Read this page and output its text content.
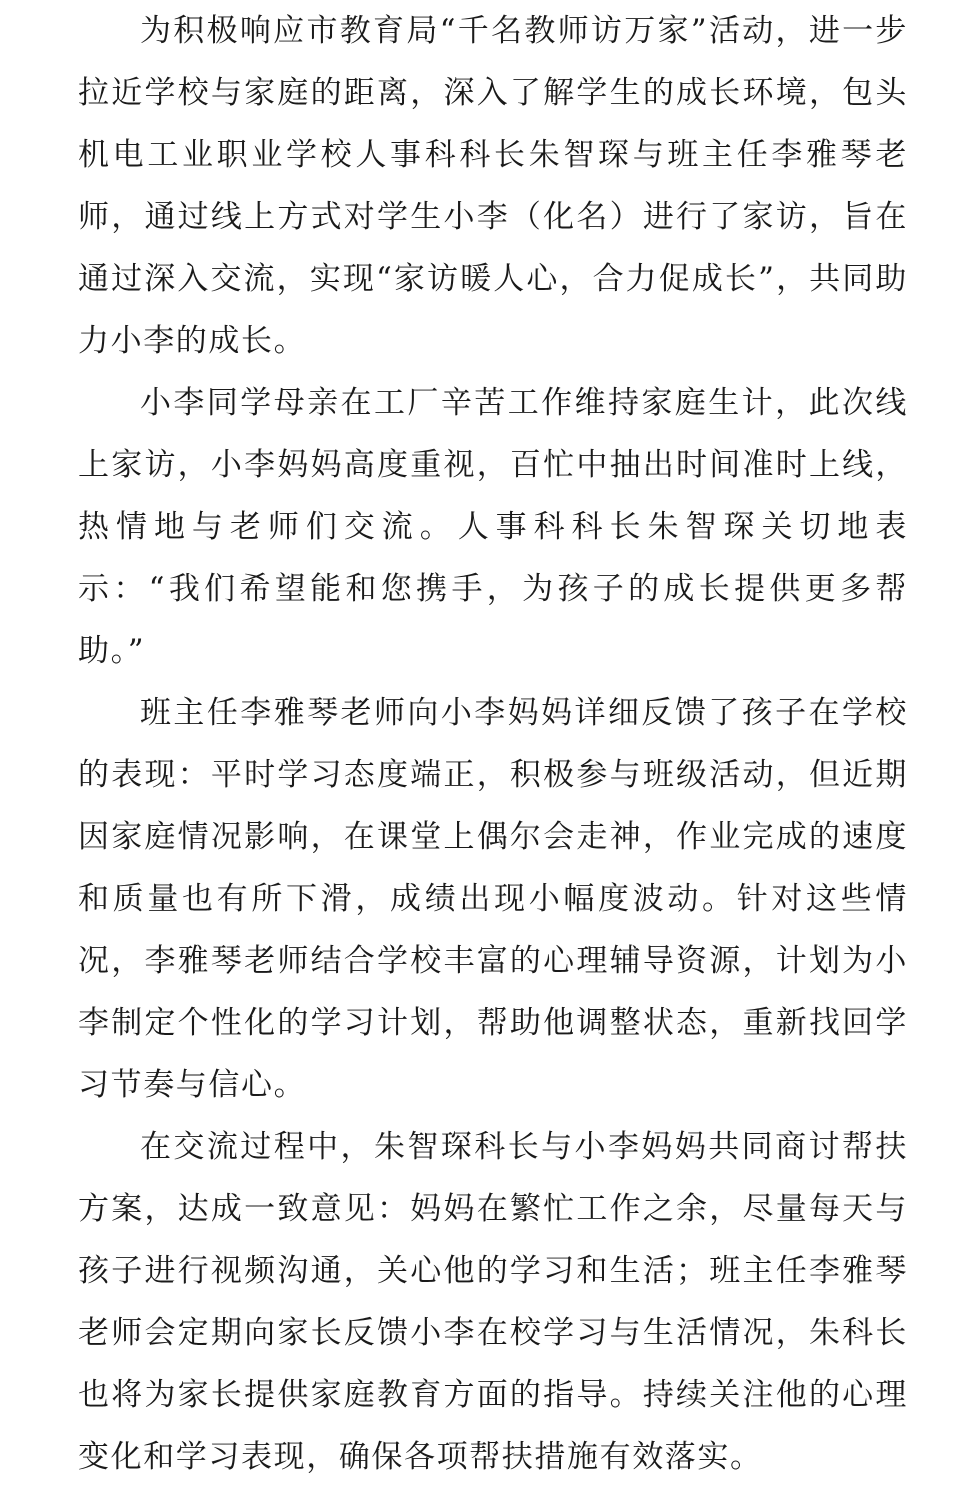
为积极响应市教育局“千名教师访万家”活动，进一步拉近学校与家庭的距离，深入了解学生的成长环境，包头机电工业职业学校人事科科长朱智琛与班主任李雅琴老师，通过线上方式对学生小李（化名）进行了家访，旨在通过深入交流，实现“家访暖人心，合力促成长”，共同助力小李的成长。

小李同学母亲在工厂辛苦工作维持家庭生计，此次线上家访，小李妈妈高度重视，百忙中抽出时间准时上线，热情地与老师们交流。人事科科长朱智琛关切地表示：“我们希望能和您携手，为孩子的成长提供更多帮助。”

班主任李雅琴老师向小李妈妈详细反馈了孩子在学校的表现：平时学习态度端正，积极参与班级活动，但近期因家庭情况影响，在课堂上偶尔会走神，作业完成的速度和质量也有所下滑，成绩出现小幅度波动。针对这些情况，李雅琴老师结合学校丰富的心理辅导资源，计划为小李制定个性化的学习计划，帮助他调整状态，重新找回学习节奏与信心。

在交流过程中，朱智琛科长与小李妈妈共同商讨帮扶方案，达成一致意见：妈妈在繁忙工作之余，尽量每天与孩子进行视频沟通，关心他的学习和生活；班主任李雅琴老师会定期向家长反馈小李在校学习与生活情况，朱科长也将为家长提供家庭教育方面的指导。持续关注他的心理变化和学习表现，确保各项帮扶措施有效落实。
